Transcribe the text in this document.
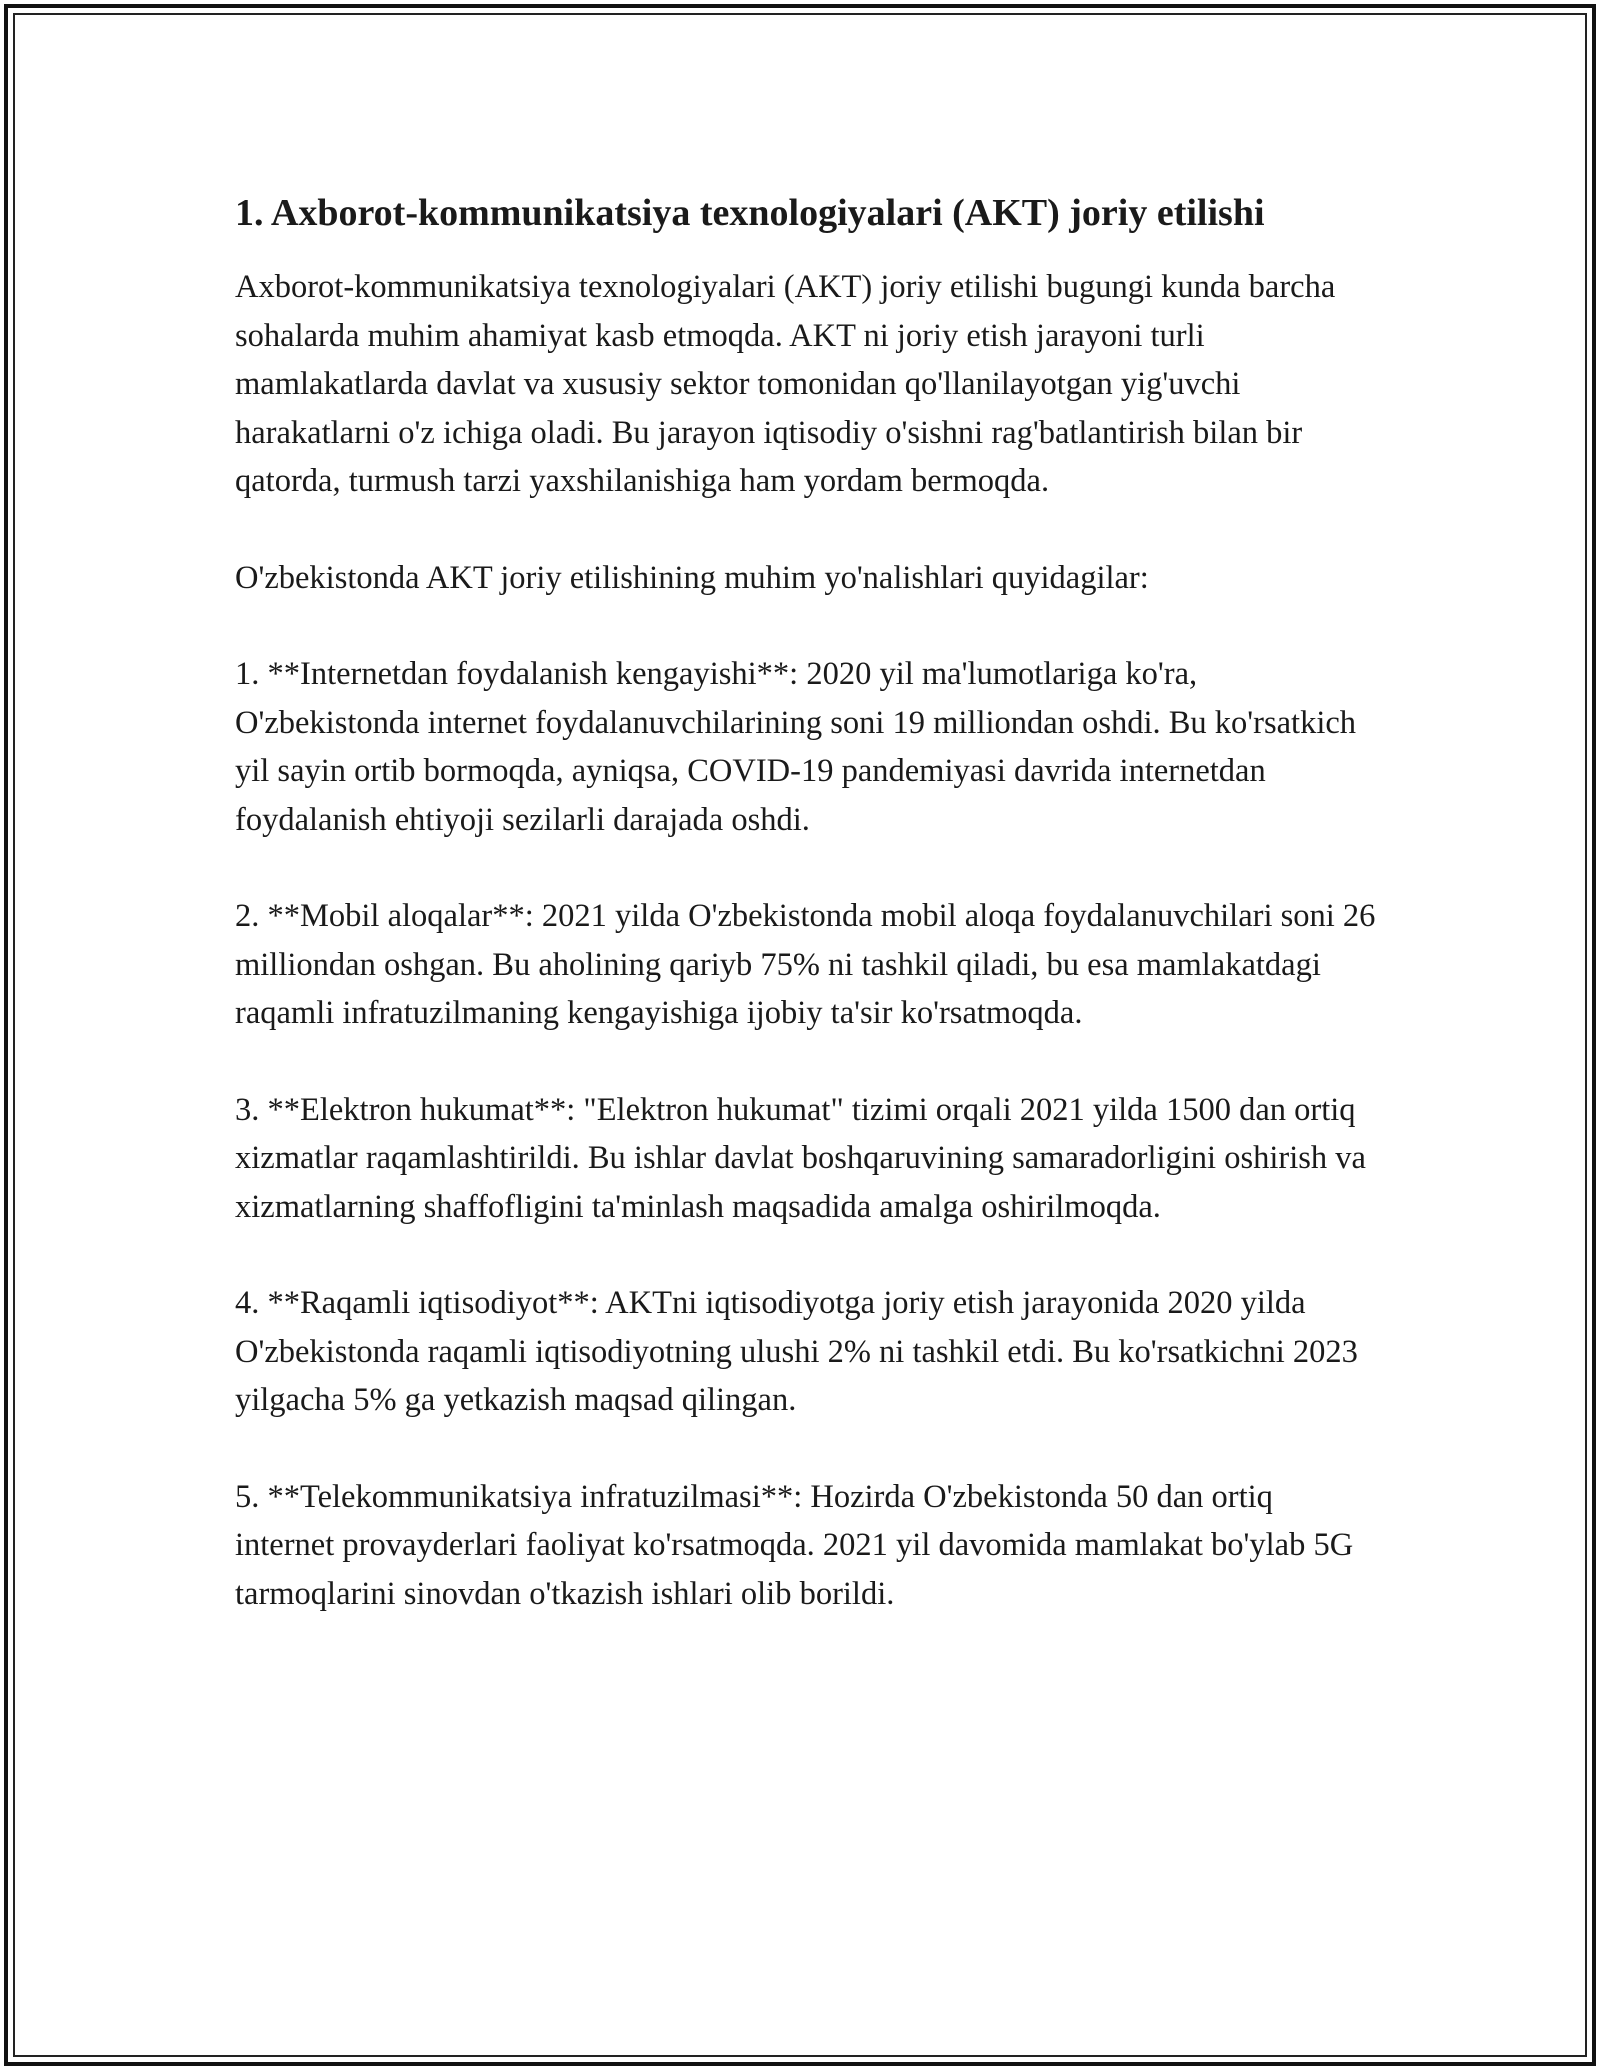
1. Axborot-kommunikatsiya texnologiyalari (AKT) joriy etilishi

Axborot-kommunikatsiya texnologiyalari (AKT) joriy etilishi bugungi kunda barcha sohalarda muhim ahamiyat kasb etmoqda. AKT ni joriy etish jarayoni turli mamlakatlarda davlat va xususiy sektor tomonidan qo'llanilayotgan yig'uvchi harakatlarni o'z ichiga oladi. Bu jarayon iqtisodiy o'sishni rag'batlantirish bilan bir qatorda, turmush tarzi yaxshilanishiga ham yordam bermoqda.

O'zbekistonda AKT joriy etilishining muhim yo'nalishlari quyidagilar:

1. **Internetdan foydalanish kengayishi**: 2020 yil ma'lumotlariga ko'ra, O'zbekistonda internet foydalanuvchilarining soni 19 milliondan oshdi. Bu ko'rsatkich yil sayin ortib bormoqda, ayniqsa, COVID-19 pandemiyasi davrida internetdan foydalanish ehtiyoji sezilarli darajada oshdi.

2. **Mobil aloqalar**: 2021 yilda O'zbekistonda mobil aloqa foydalanuvchilari soni 26 milliondan oshgan. Bu aholining qariyb 75% ni tashkil qiladi, bu esa mamlakatdagi raqamli infratuzilmaning kengayishiga ijobiy ta'sir ko'rsatmoqda.

3. **Elektron hukumat**: "Elektron hukumat" tizimi orqali 2021 yilda 1500 dan ortiq xizmatlar raqamlashtirildi. Bu ishlar davlat boshqaruvining samaradorligini oshirish va xizmatlarning shaffofligini ta'minlash maqsadida amalga oshirilmoqda.

4. **Raqamli iqtisodiyot**: AKTni iqtisodiyotga joriy etish jarayonida 2020 yilda O'zbekistonda raqamli iqtisodiyotning ulushi 2% ni tashkil etdi. Bu ko'rsatkichni 2023 yilgacha 5% ga yetkazish maqsad qilingan.

5. **Telekommunikatsiya infratuzilmasi**: Hozirda O'zbekistonda 50 dan ortiq internet provayderlari faoliyat ko'rsatmoqda. 2021 yil davomida mamlakat bo'ylab 5G tarmoqlarini sinovdan o'tkazish ishlari olib borildi.
